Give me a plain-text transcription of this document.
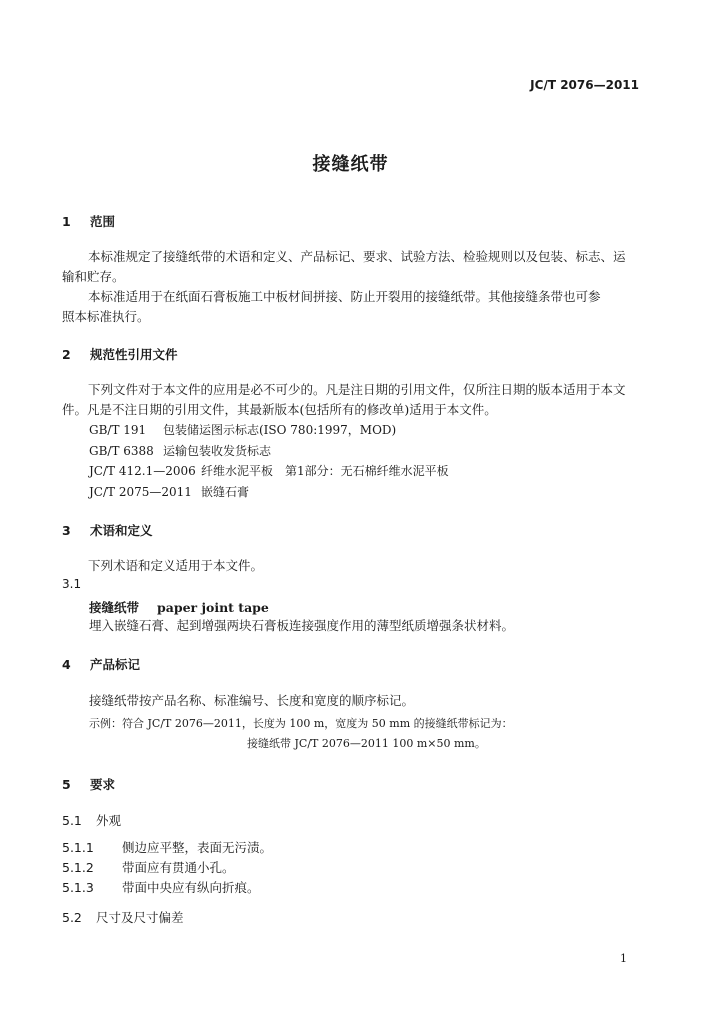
JC/T 2076—2011
接缝纸带
1 范围

本标准规定了接缝纸带的术语和定义、产品标记、要求、试验方法、检验规则以及包装、标志、运

输和贮存。

本标准适用于在纸面石膏板施工中板材间拼接、防止开裂用的接缝纸带。其他接缝条带也可参

照本标准执行。

2 规范性引用文件

下列文件对于本文件的应用是必不可少的。凡是注日期的引用文件，仅所注日期的版本适用于本文

件。凡是不注日期的引用文件，其最新版本(包括所有的修改单)适用于本文件。

GB/T 191 包装储运图示标志(ISO 780:1997，MOD)
GB/T 6388 运输包装收发货标志
JC/T 412.1—2006 纤维水泥平板　第1部分：无石棉纤维水泥平板
JC/T 2075—2011 嵌缝石膏
3 术语和定义
下列术语和定义适用于本文件。
3.1
接缝纸带 paper joint tape
埋入嵌缝石膏、起到增强两块石膏板连接强度作用的薄型纸质增强条状材料。
4 产品标记
接缝纸带按产品名称、标准编号、长度和宽度的顺序标记。
示例：符合 JC/T 2076—2011，长度为 100 m，宽度为 50 mm 的接缝纸带标记为：
接缝纸带 JC/T 2076—2011 100 m×50 mm。
5 要求
5.1 外观
5.1.1 侧边应平整，表面无污渍。
5.1.2 带面应有贯通小孔。
5.1.3 带面中央应有纵向折痕。
5.2 尺寸及尺寸偏差
1
